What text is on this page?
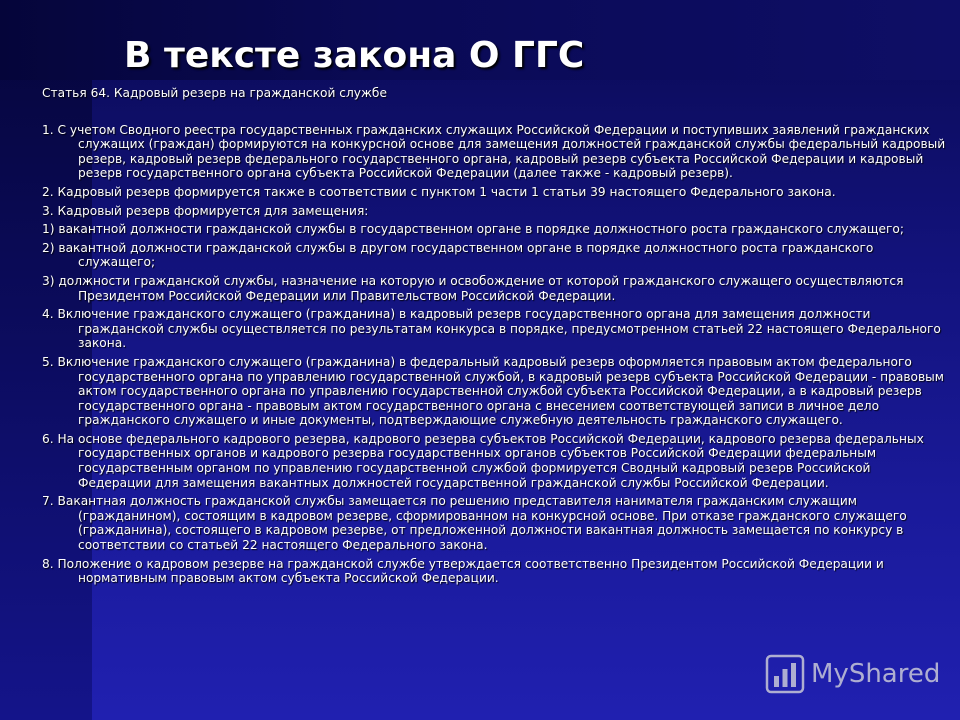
В тексте закона О ГГС

Статья 64. Кадровый резерв на гражданской службе

1. С учетом Сводного реестра государственных гражданских служащих Российской Федерации и поступивших заявлений гражданских служащих (граждан) формируются на конкурсной основе для замещения должностей гражданской службы федеральный кадровый резерв, кадровый резерв федерального государственного органа, кадровый резерв субъекта Российской Федерации и кадровый резерв государственного органа субъекта Российской Федерации (далее также - кадровый резерв).

2. Кадровый резерв формируется также в соответствии с пунктом 1 части 1 статьи 39 настоящего Федерального закона.

3. Кадровый резерв формируется для замещения:

1) вакантной должности гражданской службы в государственном органе в порядке должностного роста гражданского служащего;

2) вакантной должности гражданской службы в другом государственном органе в порядке должностного роста гражданского служащего;

3) должности гражданской службы, назначение на которую и освобождение от которой гражданского служащего осуществляются Президентом Российской Федерации или Правительством Российской Федерации.

4. Включение гражданского служащего (гражданина) в кадровый резерв государственного органа для замещения должности гражданской службы осуществляется по результатам конкурса в порядке, предусмотренном статьей 22 настоящего Федерального закона.

5. Включение гражданского служащего (гражданина) в федеральный кадровый резерв оформляется правовым актом федерального государственного органа по управлению государственной службой, в кадровый резерв субъекта Российской Федерации - правовым актом государственного органа по управлению государственной службой субъекта Российской Федерации, а в кадровый резерв государственного органа - правовым актом государственного органа с внесением соответствующей записи в личное дело гражданского служащего и иные документы, подтверждающие служебную деятельность гражданского служащего.

6. На основе федерального кадрового резерва, кадрового резерва субъектов Российской Федерации, кадрового резерва федеральных государственных органов и кадрового резерва государственных органов субъектов Российской Федерации федеральным государственным органом по управлению государственной службой формируется Сводный кадровый резерв Российской Федерации для замещения вакантных должностей государственной гражданской службы Российской Федерации.

7. Вакантная должность гражданской службы замещается по решению представителя нанимателя гражданским служащим (гражданином), состоящим в кадровом резерве, сформированном на конкурсной основе. При отказе гражданского служащего (гражданина), состоящего в кадровом резерве, от предложенной должности вакантная должность замещается по конкурсу в соответствии со статьей 22 настоящего Федерального закона.

8. Положение о кадровом резерве на гражданской службе утверждается соответственно Президентом Российской Федерации и нормативным правовым актом субъекта Российской Федерации.

MyShared
